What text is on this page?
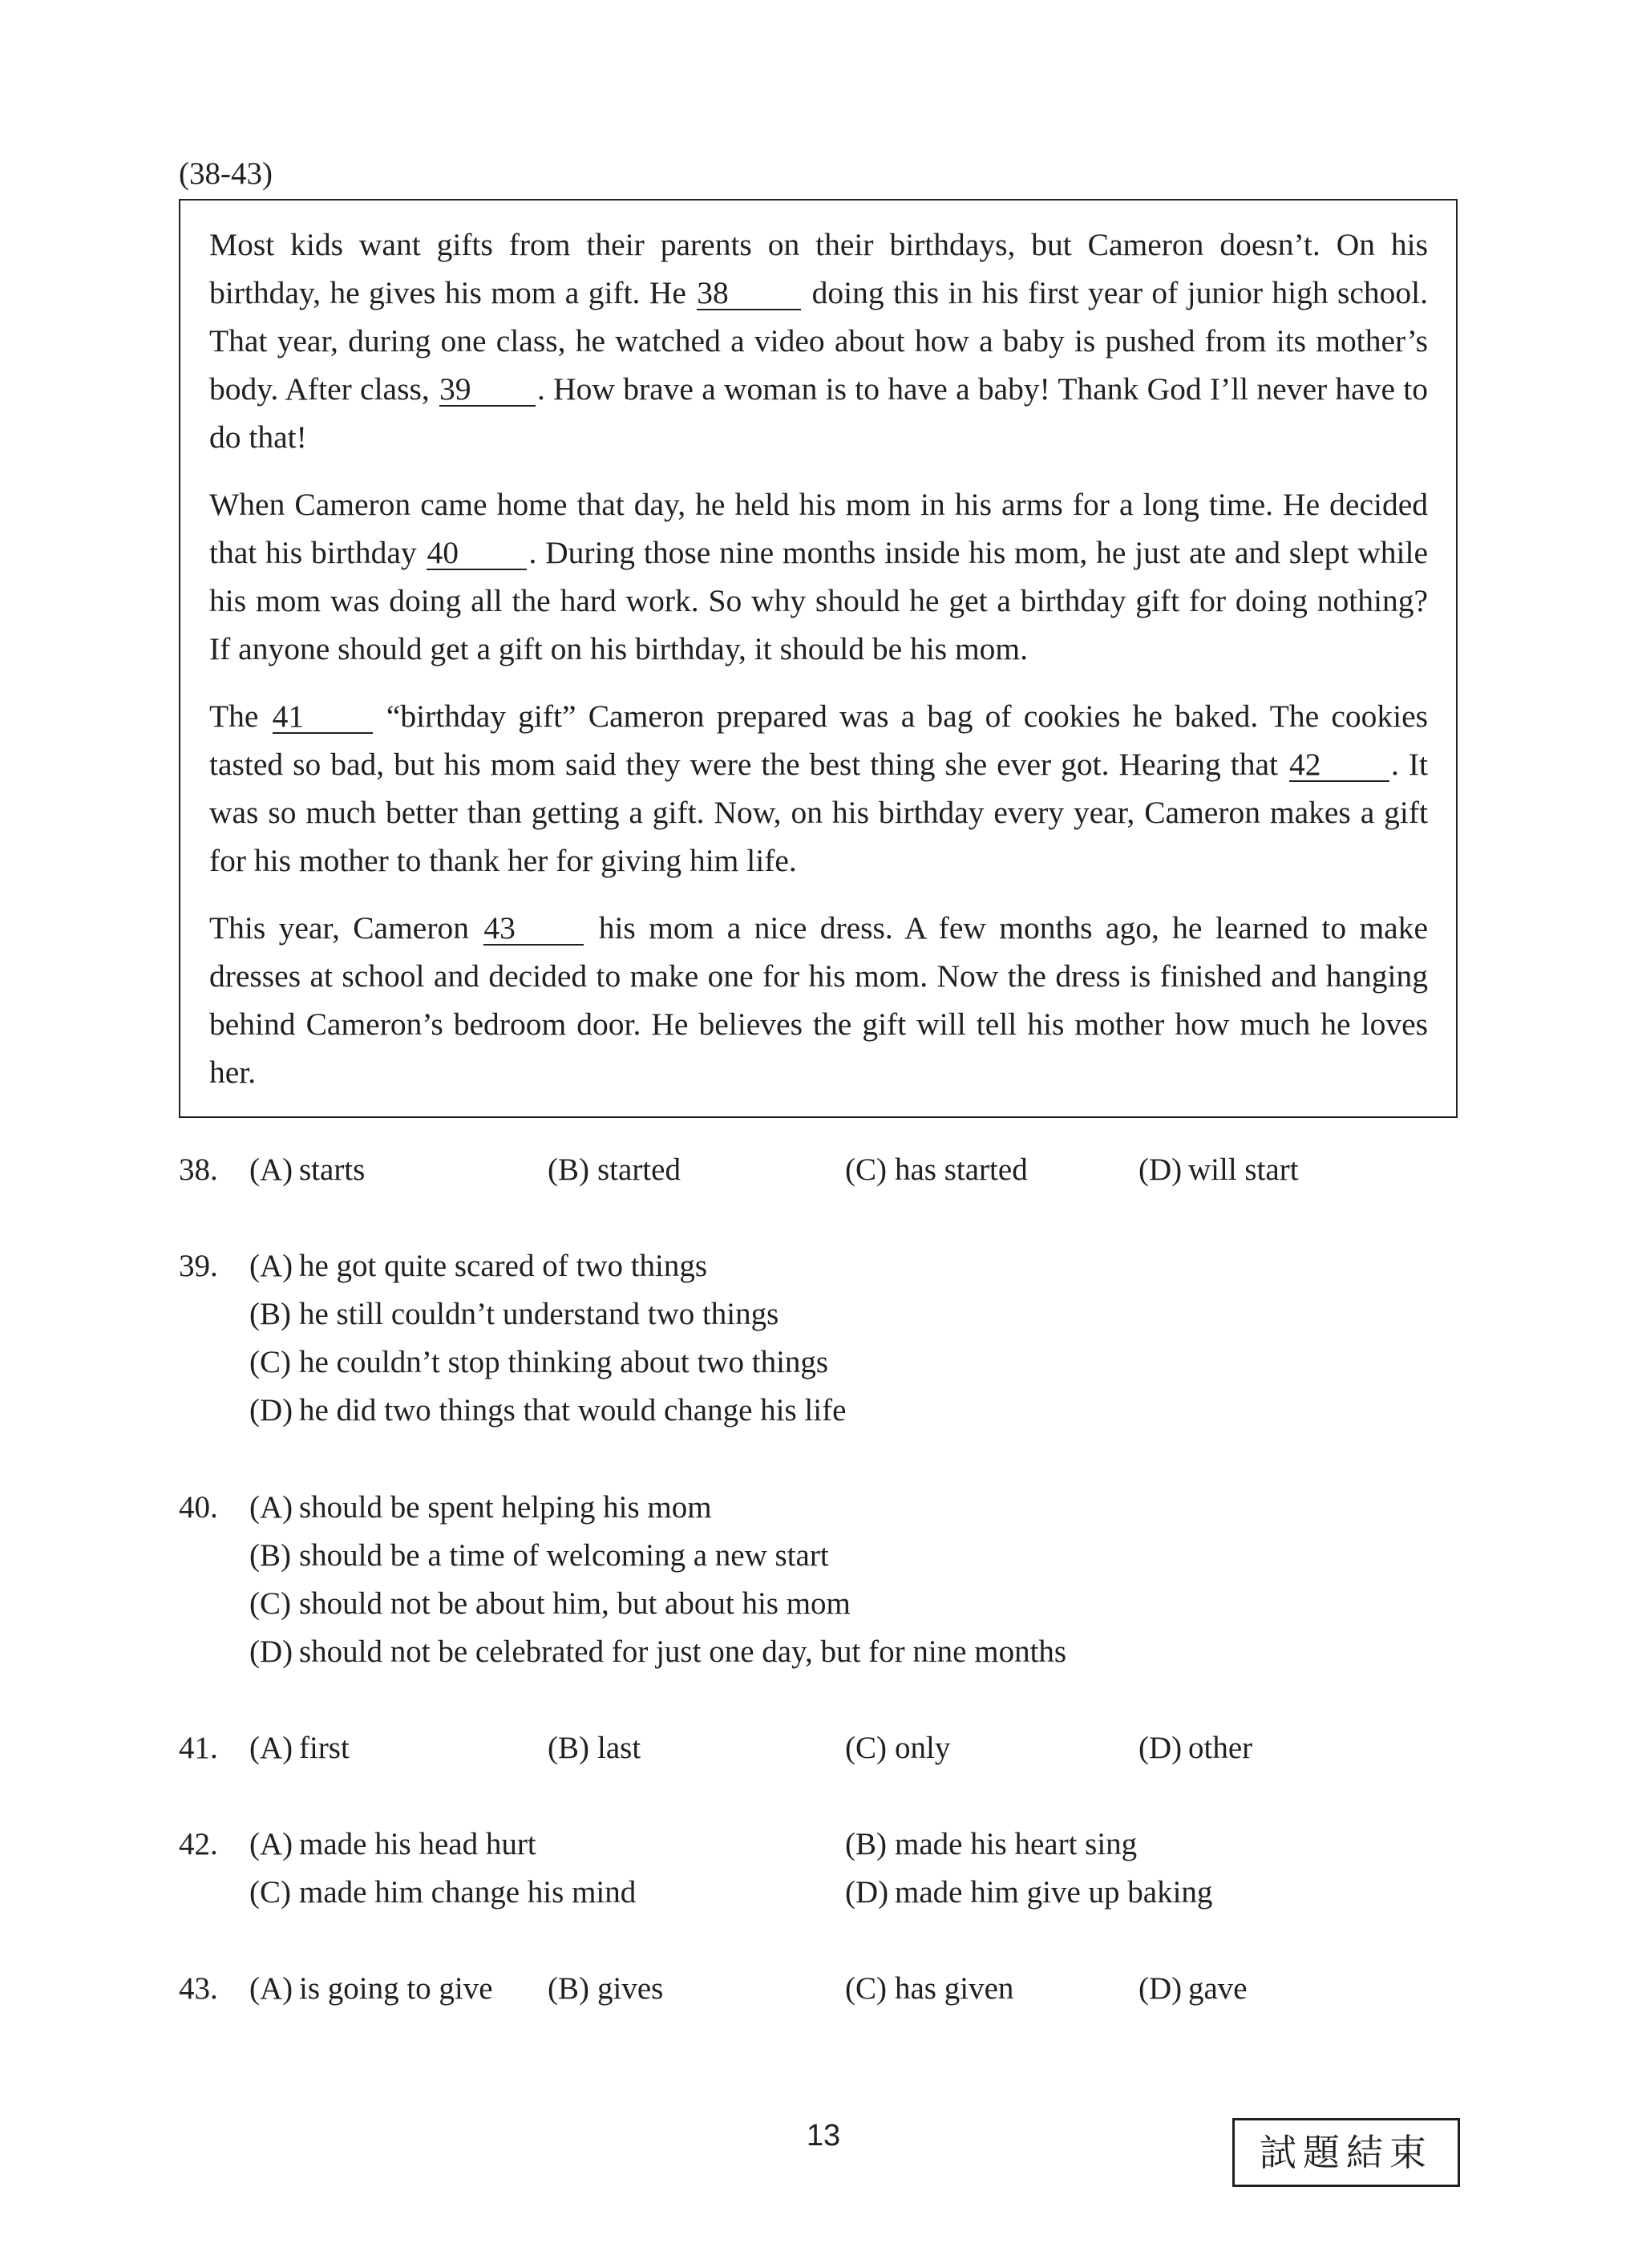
(38-43)

Most kids want gifts from their parents on their birthdays, but Cameron doesn’t. On his birthday, he gives his mom a gift. He 38	doing this in his first year of junior high school. That year, during one class, he watched a video about how a baby is pushed from its mother’s body. After class, 39 . How brave a woman is to have a baby! Thank God I’ll never have to do that!

When Cameron came home that day, he held his mom in his arms for a long time. He decided that his birthday 40 . During those nine months inside his mom, he just ate and slept while his mom was doing all the hard work. So why should he get a birthday gift for doing nothing? If anyone should get a gift on his birthday, it should be his mom.

The 41	“birthday gift” Cameron prepared was a bag of cookies he baked. The cookies tasted so bad, but his mom said they were the best thing she ever got. Hearing that 42 . It was so much better than getting a gift. Now, on his birthday every year, Cameron makes a gift for his mother to thank her for giving him life.

This year, Cameron 43	his mom a nice dress. A few months ago, he learned to make dresses at school and decided to make one for his mom. Now the dress is finished and hanging behind Cameron’s bedroom door. He believes the gift will tell his mother how much he loves her.

38. (A) starts	(B) started	(C) has started	(D) will start
39. (A) he got quite scared of two things
(B) he still couldn’t understand two things
(C) he couldn’t stop thinking about two things
(D) he did two things that would change his life
40. (A) should be spent helping his mom
(B) should be a time of welcoming a new start
(C) should not be about him, but about his mom
(D) should not be celebrated for just one day, but for nine months
41. (A) first	(B) last	(C) only	(D) other
42. (A) made his head hurt	(B) made his heart sing
(C) made him change his mind	(D) made him give up baking
43. (A) is going to give (B) gives	(C) has given	(D) gave
13	試題結束
